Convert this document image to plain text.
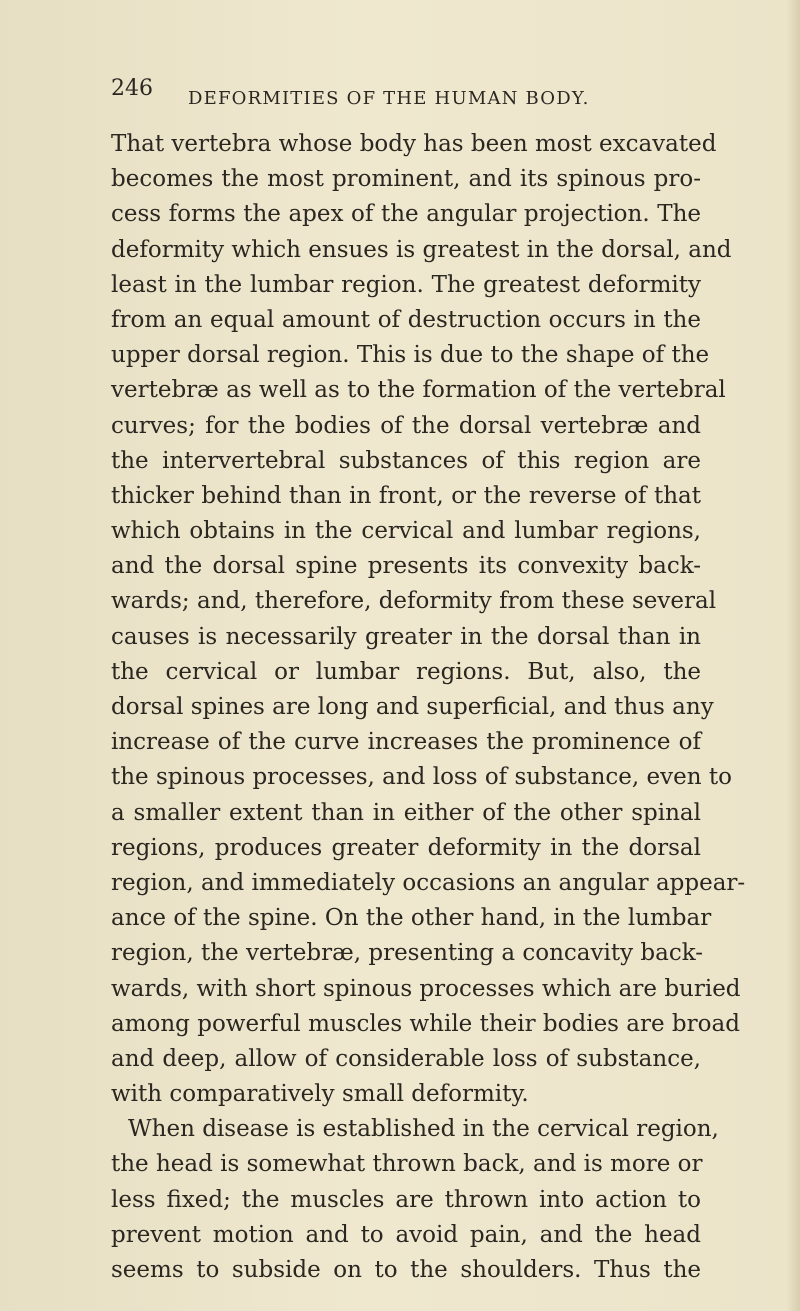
246 DEFORMITIES OF THE HUMAN BODY.
That vertebra whose body has been most excavated
becomes the most prominent, and its spinous pro-
cess forms the apex of the angular projection. The
deformity which ensues is greatest in the dorsal, and
least in the lumbar region. The greatest deformity
from an equal amount of destruction occurs in the
upper dorsal region. This is due to the shape of the
vertebræ as well as to the formation of the vertebral
curves; for the bodies of the dorsal vertebræ and
the intervertebral substances of this region are
thicker behind than in front, or the reverse of that
which obtains in the cervical and lumbar regions,
and the dorsal spine presents its convexity back-
wards; and, therefore, deformity from these several
causes is necessarily greater in the dorsal than in
the cervical or lumbar regions. But, also, the
dorsal spines are long and superficial, and thus any
increase of the curve increases the prominence of
the spinous processes, and loss of substance, even to
a smaller extent than in either of the other spinal
regions, produces greater deformity in the dorsal
region, and immediately occasions an angular appear-
ance of the spine. On the other hand, in the lumbar
region, the vertebræ, presenting a concavity back-
wards, with short spinous processes which are buried
among powerful muscles while their bodies are broad
and deep, allow of considerable loss of substance,
with comparatively small deformity.
When disease is established in the cervical region,
the head is somewhat thrown back, and is more or
less fixed; the muscles are thrown into action to
prevent motion and to avoid pain, and the head
seems to subside on to the shoulders. Thus the
